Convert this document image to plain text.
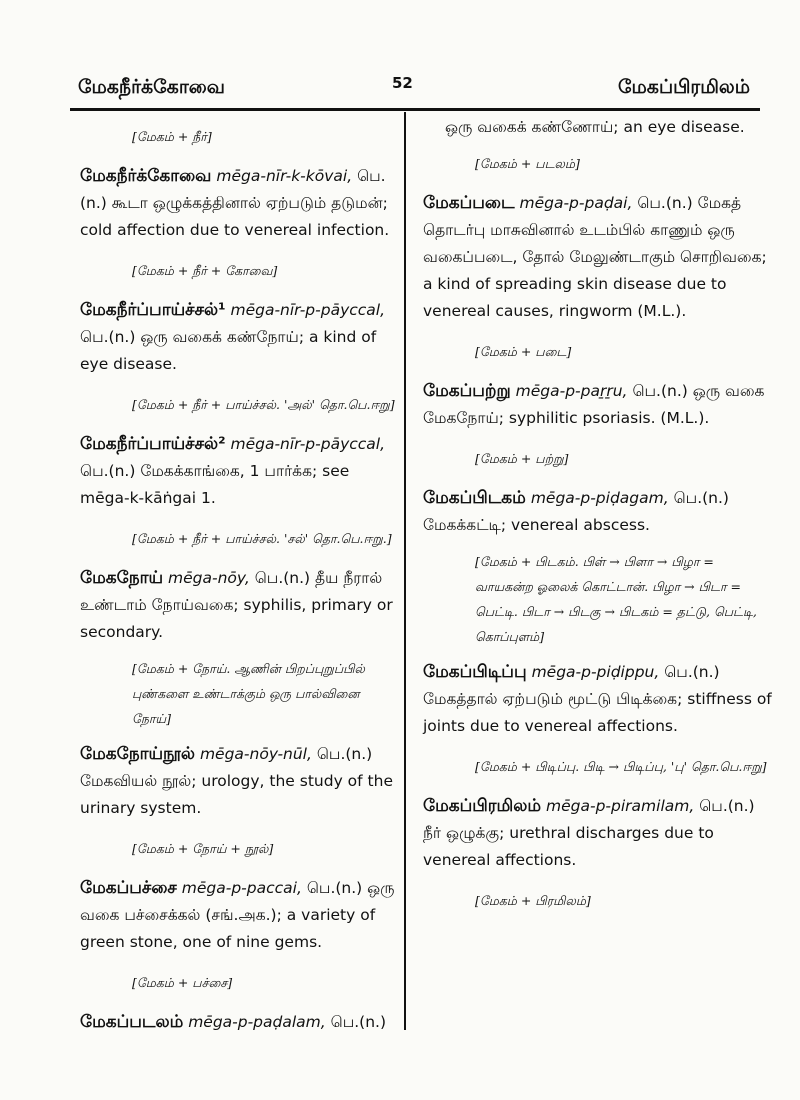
மேகநீர்க்கோவை	52	மேகப்பிரமிலம்

[மேகம் + நீர்]

மேகநீர்க்கோவை mēga-nīr-k-kōvai, பெ.(n.) கூடா ஒழுக்கத்தினால் ஏற்படும் தடுமன்; cold affection due to venereal infection.

[மேகம் + நீர் + கோவை]

மேகநீர்ப்பாய்ச்சல்¹ mēga-nīr-p-pāyccal, பெ.(n.) ஒரு வகைக் கண்நோய்; a kind of eye disease.

[மேகம் + நீர் + பாய்ச்சல். 'அல்' தொ.பெ.ஈறு]

மேகநீர்ப்பாய்ச்சல்² mēga-nīr-p-pāyccal, பெ.(n.) மேகக்காங்கை, 1 பார்க்க; see mēga-k-kāṅgai 1.

[மேகம் + நீர் + பாய்ச்சல். 'சல்' தொ.பெ.ஈறு.]

மேகநோய் mēga-nōy, பெ.(n.) தீய நீரால் உண்டாம் நோய்வகை; syphilis, primary or secondary.

[மேகம் + நோய். ஆணின் பிறப்புறுப்பில் புண்களை உண்டாக்கும் ஒரு பால்வினை நோய்]

மேகநோய்நூல் mēga-nōy-nūl, பெ.(n.) மேகவியல் நூல்; urology, the study of the urinary system.

[மேகம் + நோய் + நூல்]

மேகப்பச்சை mēga-p-paccai, பெ.(n.) ஒரு வகை பச்சைக்கல் (சங்.அக.); a variety of green stone, one of nine gems.

[மேகம் + பச்சை]

மேகப்படலம் mēga-p-paḍalam, பெ.(n.)

ஒரு வகைக் கண்ணோய்; an eye disease.

[மேகம் + படலம்]

மேகப்படை mēga-p-paḍai, பெ.(n.) மேகத் தொடர்பு மாசுவினால் உடம்பில் காணும் ஒரு வகைப்படை, தோல் மேலுண்டாகும் சொறிவகை; a kind of spreading skin disease due to venereal causes, ringworm (M.L.).

[மேகம் + படை]

மேகப்பற்று mēga-p-paṟṟu, பெ.(n.) ஒரு வகை மேகநோய்; syphilitic psoriasis. (M.L.).

[மேகம் + பற்று]

மேகப்பிடகம் mēga-p-piḍagam, பெ.(n.) மேகக்கட்டி; venereal abscess.

[மேகம் + பிடகம். பிள் → பிளா → பிழா = வாயகன்ற ஓலைக் கொட்டான். பிழா → பிடா = பெட்டி. பிடா → பிடகு → பிடகம் = தட்டு, பெட்டி, கொப்புளம்]

மேகப்பிடிப்பு mēga-p-piḍippu, பெ.(n.) மேகத்தால் ஏற்படும் மூட்டு பிடிக்கை; stiffness of joints due to venereal affections.

[மேகம் + பிடிப்பு. பிடி → பிடிப்பு, 'பு' தொ.பெ.ஈறு]

மேகப்பிரமிலம் mēga-p-piramilam, பெ.(n.) நீர் ஒழுக்கு; urethral discharges due to venereal affections.

[மேகம் + பிரமிலம்]
